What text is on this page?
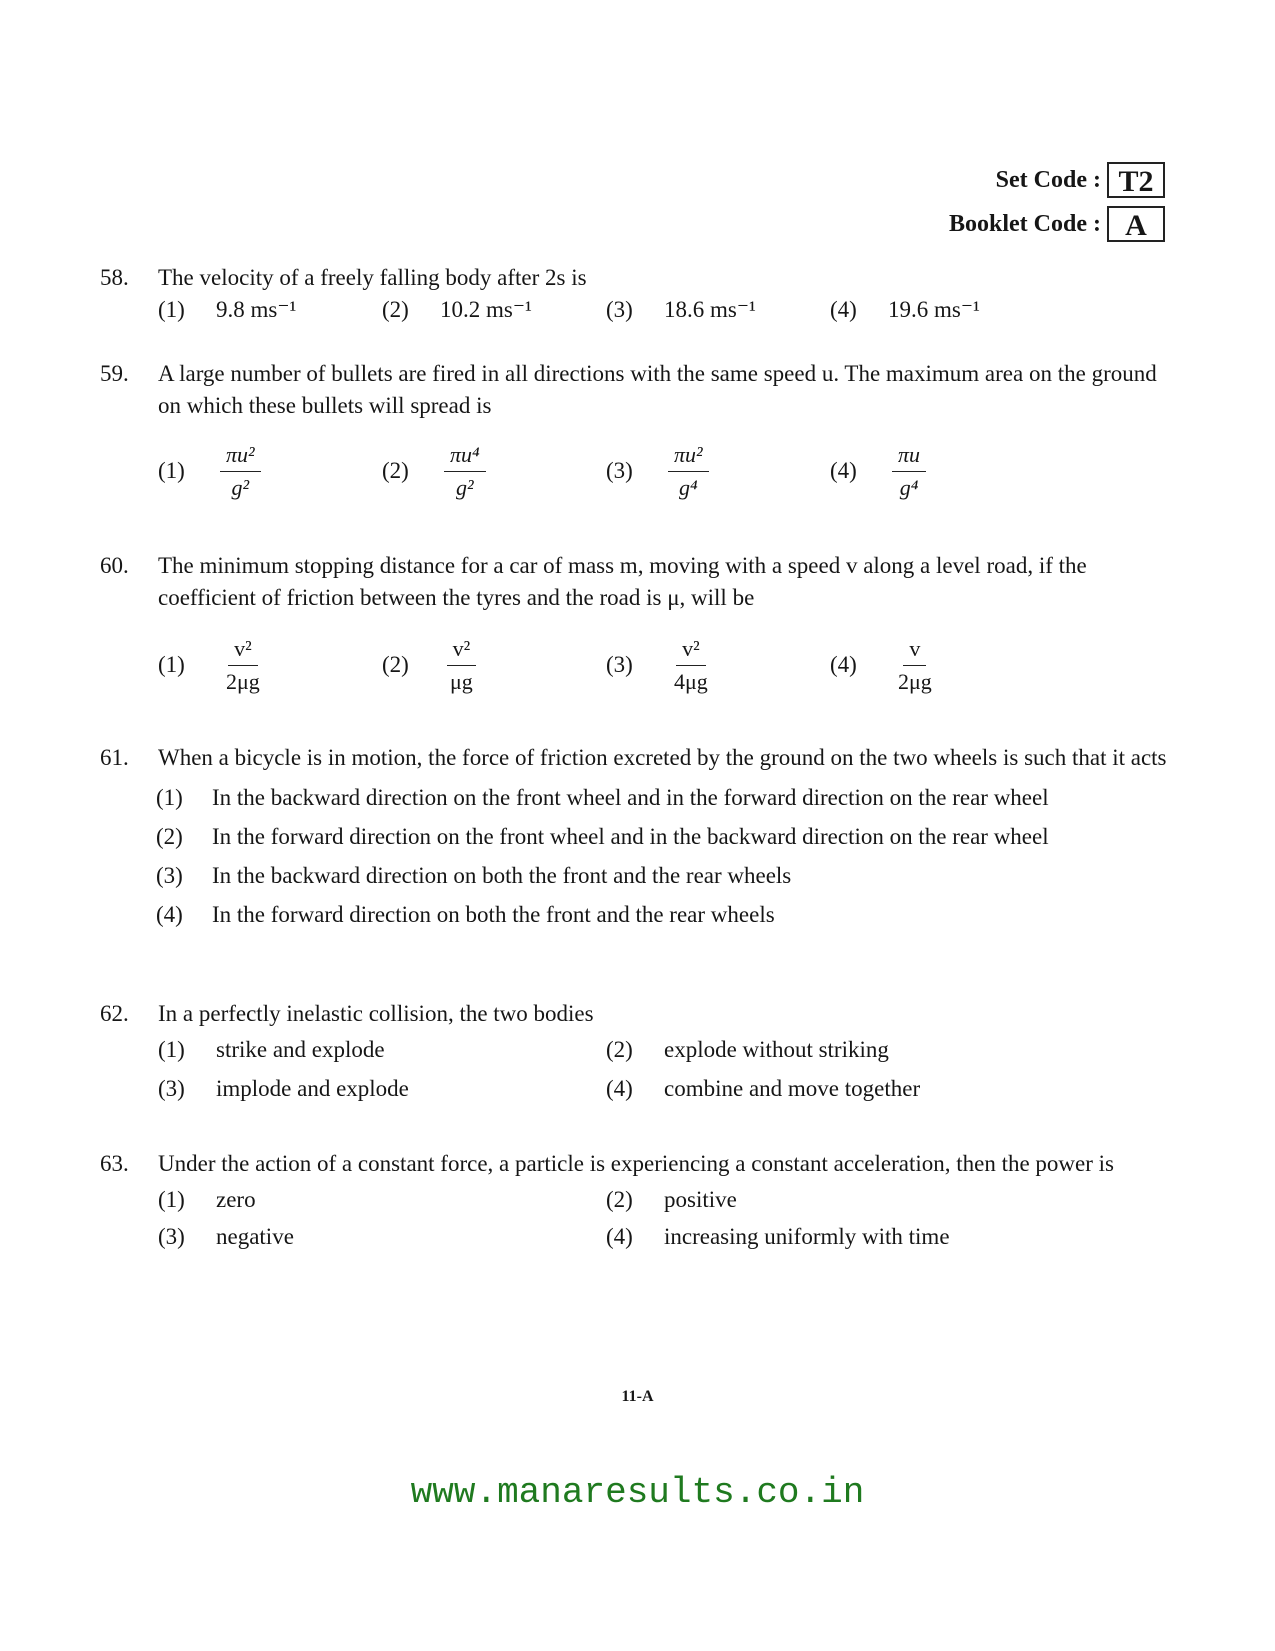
Set Code : T2
Booklet Code : A
58.	The velocity of a freely falling body after 2s is
(1) 9.8 ms⁻¹	(2) 10.2 ms⁻¹	(3) 18.6 ms⁻¹	(4) 19.6 ms⁻¹
59.	A large number of bullets are fired in all directions with the same speed u. The maximum area on the ground on which these bullets will spread is
(1)	$\frac{\text{πu²}}{\text{g²}}$	(2)	$\frac{\text{πu⁴}}{\text{g²}}$	(3)	$\frac{\text{πu²}}{\text{g⁴}}$	(4)	$\frac{\pi u}{\text{g⁴}}$
60.	The minimum stopping distance for a car of mass m, moving with a speed v along a level road, if the coefficient of friction between the tyres and the road is μ, will be
(1)	$\frac{\text{v²}}{2\mu g}$	(2)	$\frac{\text{v²}}{\mu g}$	(3)	$\frac{\text{v²}}{4\mu g}$	(4)	$\frac{v}{2\mu g}$
61.	When a bicycle is in motion, the force of friction excreted by the ground on the two wheels is such that it acts
(1)	In the backward direction on the front wheel and in the forward direction on the rear wheel
(2)	In the forward direction on the front wheel and in the backward direction on the rear wheel
(3)	In the backward direction on both the front and the rear wheels
(4)	In the forward direction on both the front and the rear wheels
62.	In a perfectly inelastic collision, the two bodies
(1) strike and explode	(2) explode without striking
(3) implode and explode	(4) combine and move together
63.	Under the action of a constant force, a particle is experiencing a constant acceleration, then the power is
(1) zero	(2) positive
(3) negative	(4) increasing uniformly with time
11-A
www.manaresults.co.in
